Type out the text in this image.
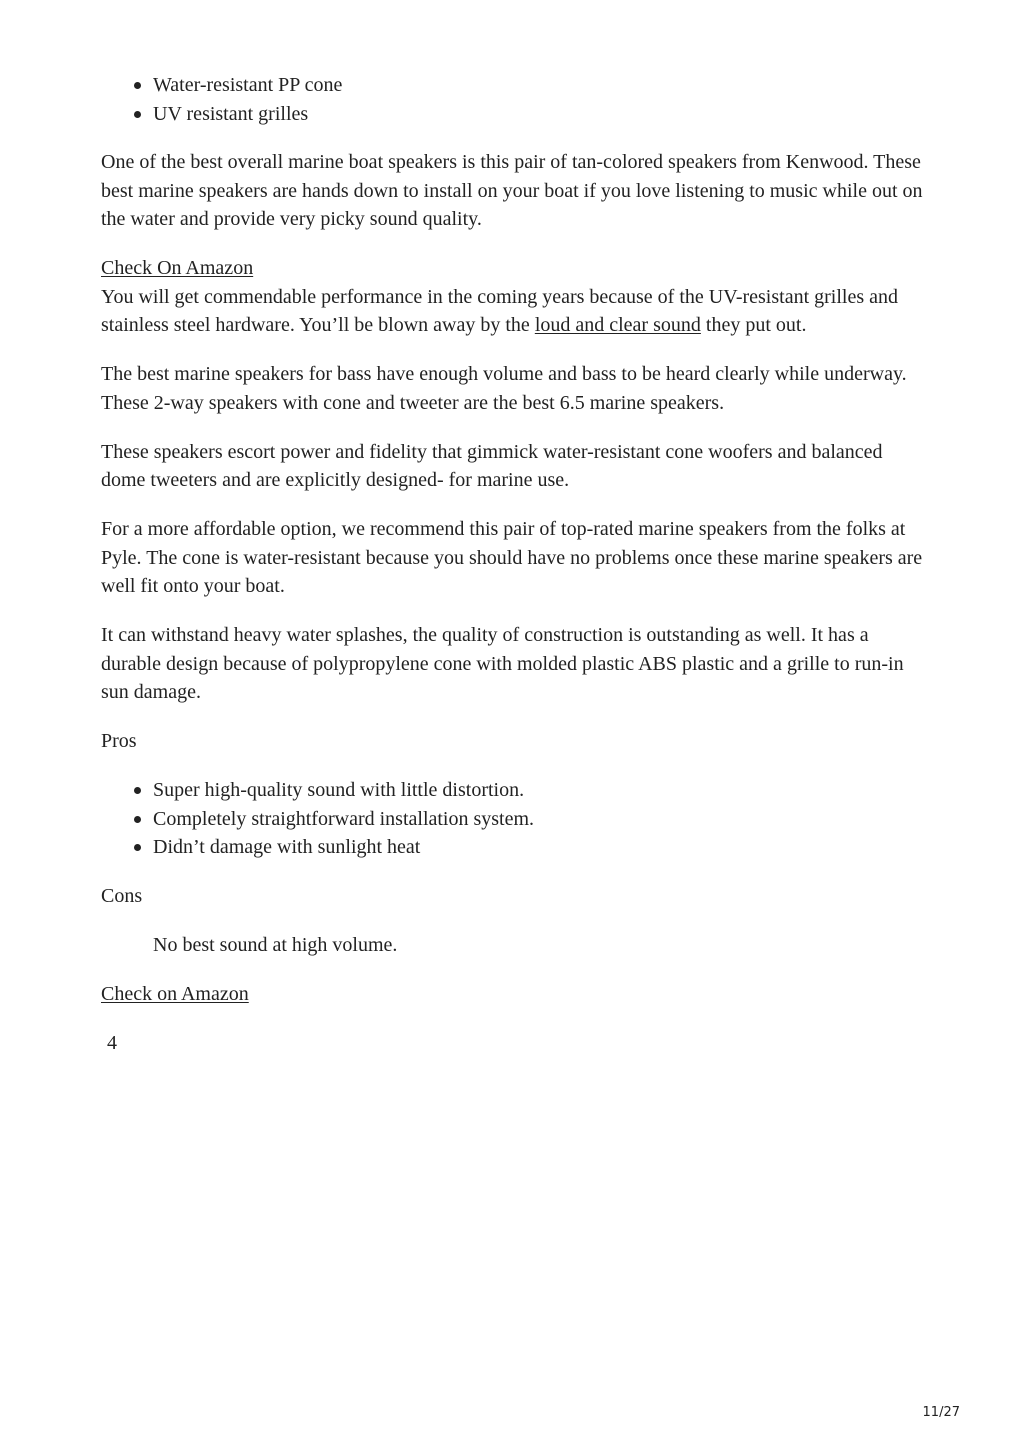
Water-resistant PP cone
UV resistant grilles

One of the best overall marine boat speakers is this pair of tan-colored speakers from Kenwood. These best marine speakers are hands down to install on your boat if you love listening to music while out on the water and provide very picky sound quality.

Check On Amazon

You will get commendable performance in the coming years because of the UV-resistant grilles and stainless steel hardware. You’ll be blown away by the loud and clear sound they put out.

The best marine speakers for bass have enough volume and bass to be heard clearly while underway. These 2-way speakers with cone and tweeter are the best 6.5 marine speakers.

These speakers escort power and fidelity that gimmick water-resistant cone woofers and balanced dome tweeters and are explicitly designed- for marine use.

For a more affordable option, we recommend this pair of top-rated marine speakers from the folks at Pyle. The cone is water-resistant because you should have no problems once these marine speakers are well fit onto your boat.

It can withstand heavy water splashes, the quality of construction is outstanding as well. It has a durable design because of polypropylene cone with molded plastic ABS plastic and a grille to run-in sun damage.

Pros

Super high-quality sound with little distortion.
Completely straightforward installation system.
Didn’t damage with sunlight heat

Cons

No best sound at high volume.

Check on Amazon

4
11/27
